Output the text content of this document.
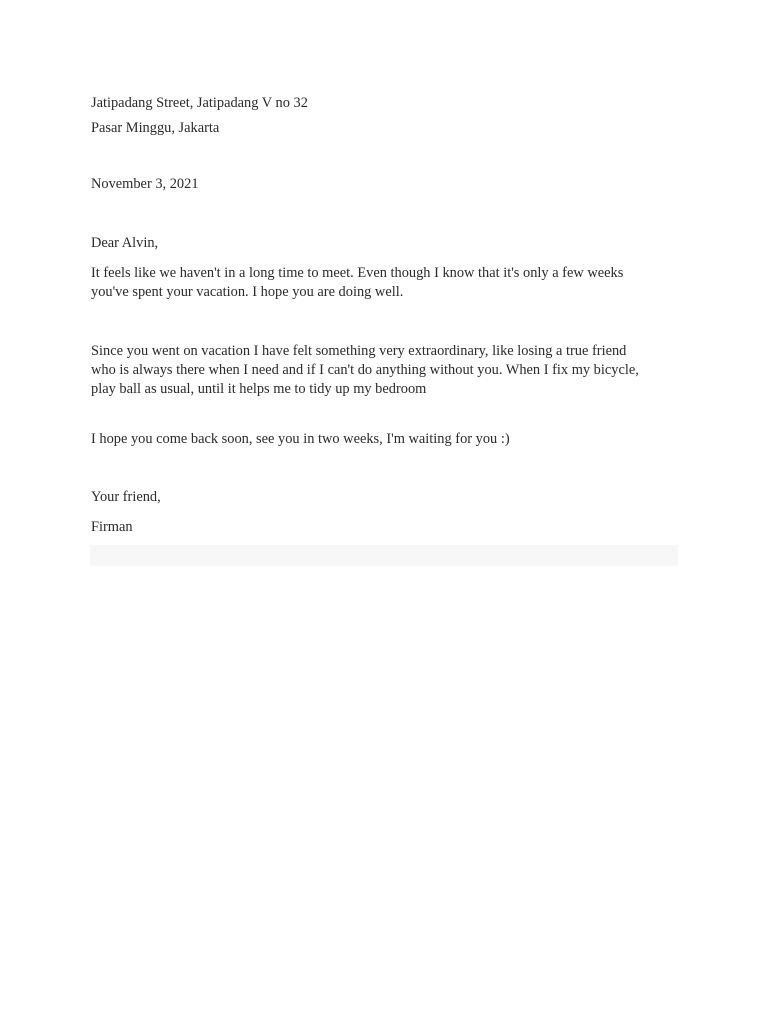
Jatipadang Street, Jatipadang V no 32
Pasar Minggu, Jakarta
November 3, 2021
Dear Alvin,
It feels like we haven't in a long time to meet. Even though I know that it's only a few weeks
you've spent your vacation. I hope you are doing well.
Since you went on vacation I have felt something very extraordinary, like losing a true friend
who is always there when I need and if I can't do anything without you. When I fix my bicycle,
play ball as usual, until it helps me to tidy up my bedroom
I hope you come back soon, see you in two weeks, I'm waiting for you :)
Your friend,
Firman
